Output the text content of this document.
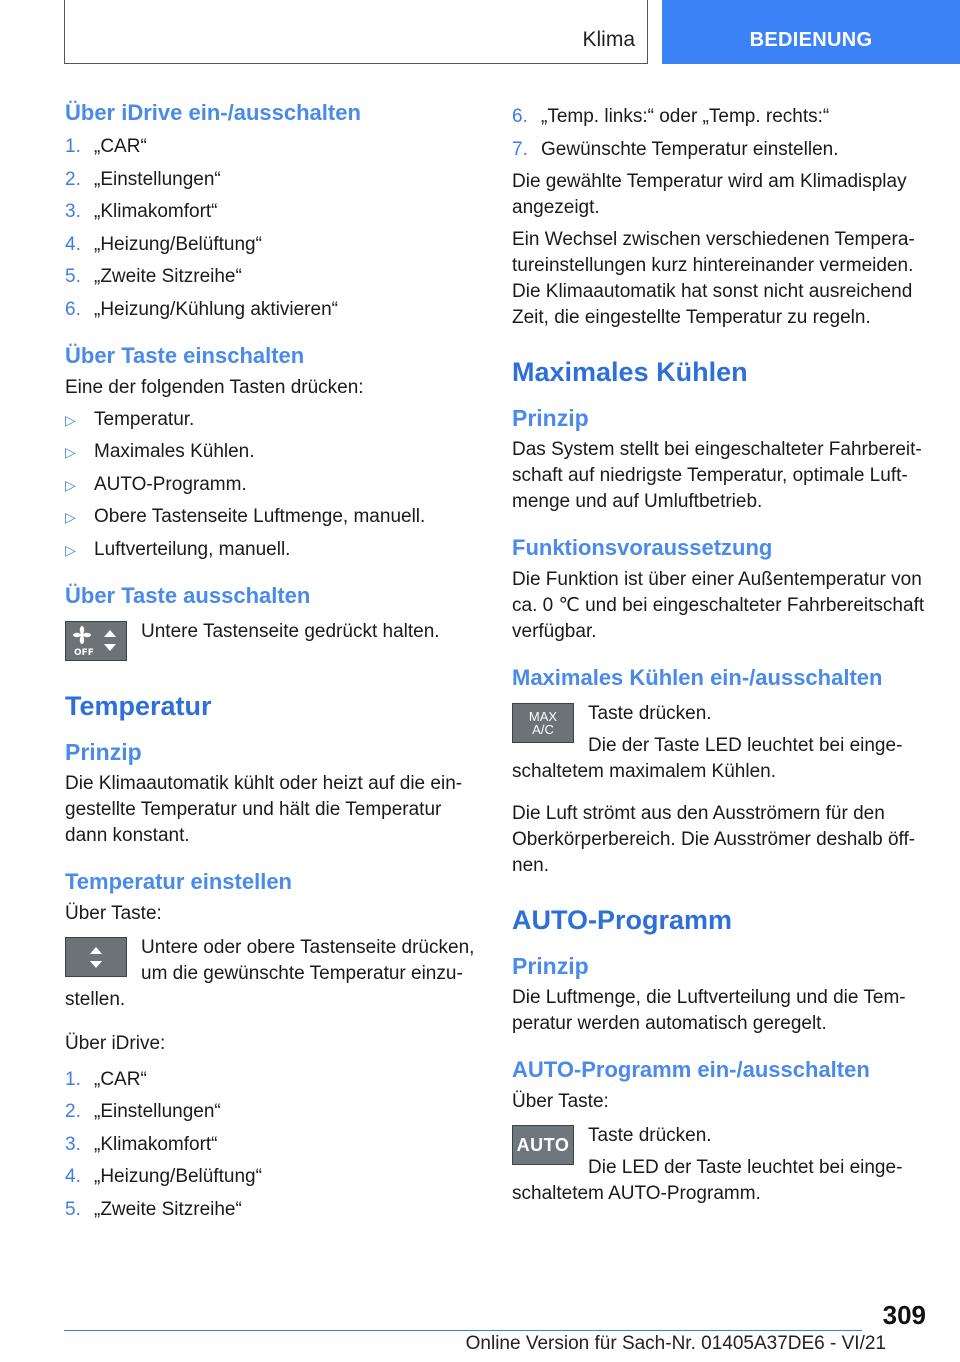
Klima	BEDIENUNG
Über iDrive ein-/ausschalten
1. „CAR“
2. „Einstellungen“
3. „Klimakomfort“
4. „Heizung/Belüftung“
5. „Zweite Sitzreihe“
6. „Heizung/Kühlung aktivieren“
Über Taste einschalten

Eine der folgenden Tasten drücken:

▷ Temperatur.
▷ Maximales Kühlen.
▷ AUTO-Programm.
▷ Obere Tastenseite Luftmenge, manuell.
▷ Luftverteilung, manuell.
Über Taste ausschalten
OFF

Untere Tastenseite gedrückt halten.

Temperatur
Prinzip

Die Klimaautomatik kühlt oder heizt auf die ein-gestellte Temperatur und hält die Temperatur dann konstant.

Temperatur einstellen

Über Taste:

Untere oder obere Tastenseite drücken, um die gewünschte Temperatur einzu-stellen.

Über iDrive:

1. „CAR“
2. „Einstellungen“
3. „Klimakomfort“
4. „Heizung/Belüftung“
5. „Zweite Sitzreihe“
6. „Temp. links:“ oder „Temp. rechts:“
7. Gewünschte Temperatur einstellen.

Die gewählte Temperatur wird am Klimadisplay angezeigt.

Ein Wechsel zwischen verschiedenen Tempera-tureinstellungen kurz hintereinander vermeiden. Die Klimaautomatik hat sonst nicht ausreichend Zeit, die eingestellte Temperatur zu regeln.

Maximales Kühlen
Prinzip

Das System stellt bei eingeschalteter Fahrbereit-schaft auf niedrigste Temperatur, optimale Luft-menge und auf Umluftbetrieb.

Funktionsvoraussetzung

Die Funktion ist über einer Außentemperatur von ca. 0 ℃ und bei eingeschalteter Fahrbereitschaft verfügbar.

Maximales Kühlen ein-/ausschalten
MAX
A/C

Taste drücken.

Die der Taste LED leuchtet bei einge-schaltetem maximalem Kühlen.

Die Luft strömt aus den Ausströmern für den Oberkörperbereich. Die Ausströmer deshalb öff-nen.

AUTO-Programm
Prinzip

Die Luftmenge, die Luftverteilung und die Tem-peratur werden automatisch geregelt.

AUTO-Programm ein-/ausschalten

Über Taste:

AUTO Taste drücken.

Die LED der Taste leuchtet bei einge-schaltetem AUTO-Programm.
309
Online Version für Sach-Nr. 01405A37DE6 - VI/21
